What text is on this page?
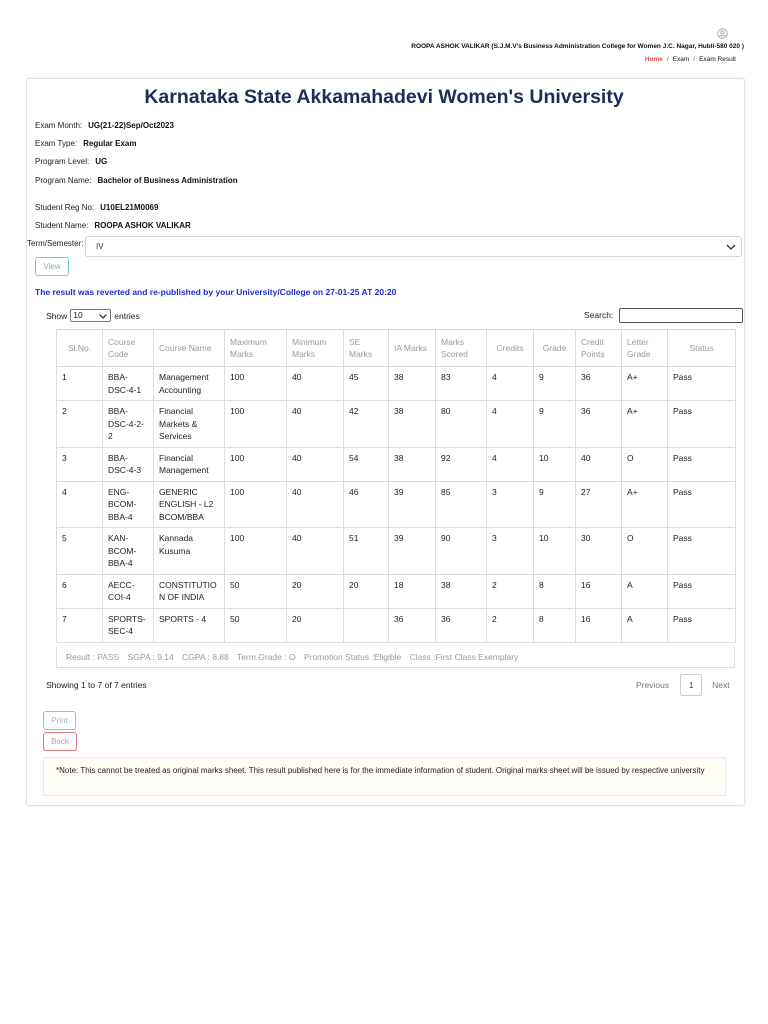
ROOPA ASHOK VALIKAR (S.J.M.V's Business Administration College for Women J.C. Nagar, Hubli-580 020 )
Home / Exam / Exam Result
Karnataka State Akkamahadevi Women's University
Exam Month: UG(21-22)Sep/Oct2023
Exam Type: Regular Exam
Program Level: UG
Program Name: Bachelor of Business Administration
Student Reg No: U10EL21M0069
Student Name: ROOPA ASHOK VALIKAR
Term/Semester: IV
View
The result was reverted and re-published by your University/College on 27-01-25 AT 20:20
Show 10	entries	Search:
Sl.No.	Course Code	Course Name	Maximum Marks	Minimum Marks	SE Marks	IA Marks	Marks Scored	Credits	Grade	Credit Points	Letter Grade	Status
1	BBA-DSC-4-1	Management Accounting	100	40	45	38	83	4	9	36	A+	Pass
2	BBA-DSC-4-2-2	Financial Markets & Services	100	40	42	38	80	4	9	36	A+	Pass
3	BBA-DSC-4-3	Financial Management	100	40	54	38	92	4	10	40	O	Pass
4	ENG-BCOM-BBA-4	GENERIC ENGLISH - L2 BCOM/BBA	100	40	46	39	85	3	9	27	A+	Pass
5	KAN-BCOM-BBA-4	Kannada Kusuma	100	40	51	39	90	3	10	30	O	Pass
6	AECC-COI-4	CONSTITUTION OF INDIA	50	20	20	18	38	2	8	16	A	Pass
7	SPORTS-SEC-4	SPORTS - 4	50	20		36	36	2	8	16	A	Pass
Result : PASS SGPA : 9.14 CGPA : 8.88 Term Grade : O Promotion Status :Eligible Class :First Class Exemplary
Showing 1 to 7 of 7 entries	Previous	1	Next
Print
Back
*Note: This cannot be treated as original marks sheet. This result published here is for the immediate information of student. Original marks sheet will be issued by respective university
